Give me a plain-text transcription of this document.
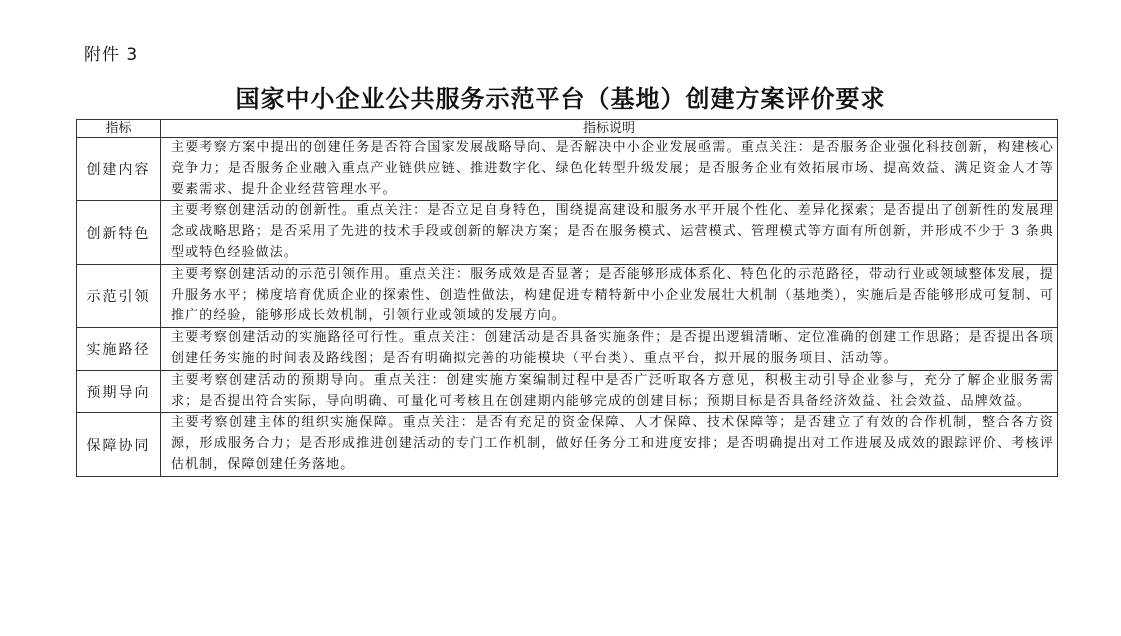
附件 3
国家中小企业公共服务示范平台（基地）创建方案评价要求
指标	指标说明
创建内容	主要考察方案中提出的创建任务是否符合国家发展战略导向、是否解决中小企业发展亟需。重点关注：是否服务企业强化科技创新，构建核心竞争力；是否服务企业融入重点产业链供应链、推进数字化、绿色化转型升级发展；是否服务企业有效拓展市场、提高效益、满足资金人才等要素需求、提升企业经营管理水平。
创新特色	主要考察创建活动的创新性。重点关注：是否立足自身特色，围绕提高建设和服务水平开展个性化、差异化探索；是否提出了创新性的发展理念或战略思路；是否采用了先进的技术手段或创新的解决方案；是否在服务模式、运营模式、管理模式等方面有所创新，并形成不少于 3 条典型或特色经验做法。
示范引领	主要考察创建活动的示范引领作用。重点关注：服务成效是否显著；是否能够形成体系化、特色化的示范路径，带动行业或领域整体发展，提升服务水平；梯度培育优质企业的探索性、创造性做法，构建促进专精特新中小企业发展壮大机制（基地类），实施后是否能够形成可复制、可推广的经验，能够形成长效机制，引领行业或领域的发展方向。
实施路径	主要考察创建活动的实施路径可行性。重点关注：创建活动是否具备实施条件；是否提出逻辑清晰、定位准确的创建工作思路；是否提出各项创建任务实施的时间表及路线图；是否有明确拟完善的功能模块（平台类）、重点平台，拟开展的服务项目、活动等。
预期导向	主要考察创建活动的预期导向。重点关注：创建实施方案编制过程中是否广泛听取各方意见，积极主动引导企业参与，充分了解企业服务需求；是否提出符合实际，导向明确、可量化可考核且在创建期内能够完成的创建目标；预期目标是否具备经济效益、社会效益、品牌效益。
保障协同	主要考察创建主体的组织实施保障。重点关注：是否有充足的资金保障、人才保障、技术保障等；是否建立了有效的合作机制，整合各方资源，形成服务合力；是否形成推进创建活动的专门工作机制，做好任务分工和进度安排；是否明确提出对工作进展及成效的跟踪评价、考核评估机制，保障创建任务落地。
